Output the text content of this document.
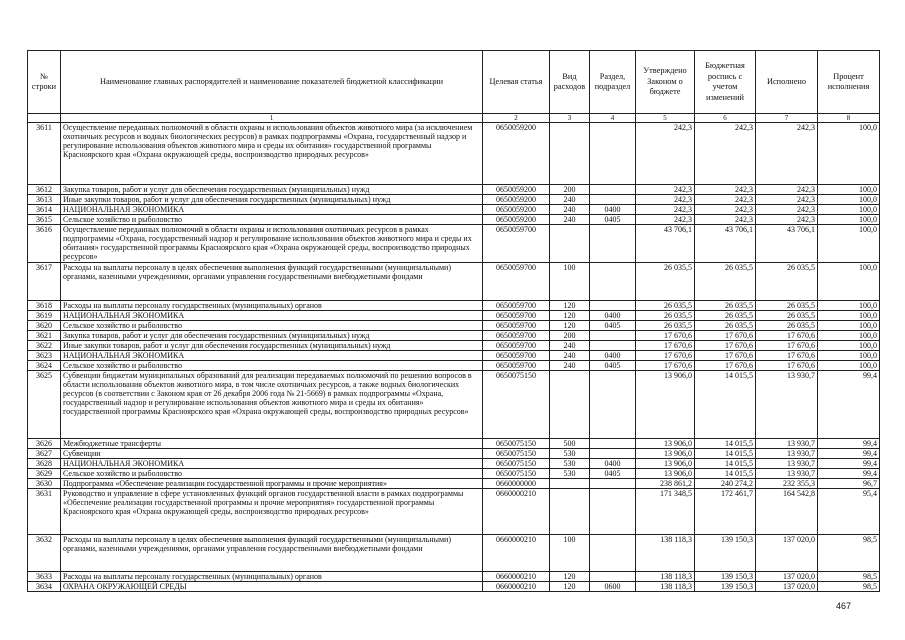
№ строки	Наименование главных распорядителей и наименование показателей бюджетной классификации	Целевая статья	Вид расходов	Раздел, подраздел	Утверждено Законом о бюджете	Бюджетная роспись с учетом изменений	Исполнено	Процент исполнения
	1	2	3	4	5	6	7	8
3611	Осуществление переданных полномочий в области охраны и использования объектов животного мира (за исключением охотничьих ресурсов и водных биологических ресурсов) в рамках подпрограммы «Охрана, государственный надзор и регулирование использования объектов животного мира и среды их обитания» государственной программы Красноярского края «Охрана окружающей среды, воспроизводство природных ресурсов»	0650059200			242,3	242,3	242,3	100,0
3612	Закупка товаров, работ и услуг для обеспечения государственных (муниципальных) нужд	0650059200	200		242,3	242,3	242,3	100,0
3613	Иные закупки товаров, работ и услуг для обеспечения государственных (муниципальных) нужд	0650059200	240		242,3	242,3	242,3	100,0
3614	НАЦИОНАЛЬНАЯ ЭКОНОМИКА	0650059200	240	0400	242,3	242,3	242,3	100,0
3615	Сельское хозяйство и рыболовство	0650059200	240	0405	242,3	242,3	242,3	100,0
3616	Осуществление переданных полномочий в области охраны и использования охотничьих ресурсов в рамках подпрограммы «Охрана, государственный надзор и регулирование использования объектов животного мира и среды их обитания» государственной программы Красноярского края «Охрана окружающей среды, воспроизводство природных ресурсов»	0650059700			43 706,1	43 706,1	43 706,1	100,0
3617	Расходы на выплаты персоналу в целях обеспечения выполнения функций государственными (муниципальными) органами, казенными учреждениями, органами управления государственными внебюджетными фондами	0650059700	100		26 035,5	26 035,5	26 035,5	100,0
3618	Расходы на выплаты персоналу государственных (муниципальных) органов	0650059700	120		26 035,5	26 035,5	26 035,5	100,0
3619	НАЦИОНАЛЬНАЯ ЭКОНОМИКА	0650059700	120	0400	26 035,5	26 035,5	26 035,5	100,0
3620	Сельское хозяйство и рыболовство	0650059700	120	0405	26 035,5	26 035,5	26 035,5	100,0
3621	Закупка товаров, работ и услуг для обеспечения государственных (муниципальных) нужд	0650059700	200		17 670,6	17 670,6	17 670,6	100,0
3622	Иные закупки товаров, работ и услуг для обеспечения государственных (муниципальных) нужд	0650059700	240		17 670,6	17 670,6	17 670,6	100,0
3623	НАЦИОНАЛЬНАЯ ЭКОНОМИКА	0650059700	240	0400	17 670,6	17 670,6	17 670,6	100,0
3624	Сельское хозяйство и рыболовство	0650059700	240	0405	17 670,6	17 670,6	17 670,6	100,0
3625	Субвенции бюджетам муниципальных образований для реализации передаваемых полномочий по решению вопросов в области использования объектов животного мира, в том числе охотничьих ресурсов, а также водных биологических ресурсов (в соответствии с Законом края от 26 декабря 2006 года № 21-5669) в рамках подпрограммы «Охрана, государственный надзор и регулирование использования объектов животного мира и среды их обитания» государственной программы Красноярского края «Охрана окружающей среды, воспроизводство природных ресурсов»	0650075150			13 906,0	14 015,5	13 930,7	99,4
3626	Межбюджетные трансферты	0650075150	500		13 906,0	14 015,5	13 930,7	99,4
3627	Субвенции	0650075150	530		13 906,0	14 015,5	13 930,7	99,4
3628	НАЦИОНАЛЬНАЯ ЭКОНОМИКА	0650075150	530	0400	13 906,0	14 015,5	13 930,7	99,4
3629	Сельское хозяйство и рыболовство	0650075150	530	0405	13 906,0	14 015,5	13 930,7	99,4
3630	Подпрограмма «Обеспечение реализации государственной программы и прочие мероприятия»	0660000000			238 861,2	240 274,2	232 355,3	96,7
3631	Руководство и управление в сфере установленных функций органов государственной власти в рамках подпрограммы «Обеспечение реализации государственной программы и прочие мероприятия» государственной программы Красноярского края «Охрана окружающей среды, воспроизводство природных ресурсов»	0660000210			171 348,5	172 461,7	164 542,8	95,4
3632	Расходы на выплаты персоналу в целях обеспечения выполнения функций государственными (муниципальными) органами, казенными учреждениями, органами управления государственными внебюджетными фондами	0660000210	100		138 118,3	139 150,3	137 020,0	98,5
3633	Расходы на выплаты персоналу государственных (муниципальных) органов	0660000210	120		138 118,3	139 150,3	137 020,0	98,5
3634	ОХРАНА ОКРУЖАЮЩЕЙ СРЕДЫ	0660000210	120	0600	138 118,3	139 150,3	137 020,0	98,5
467
